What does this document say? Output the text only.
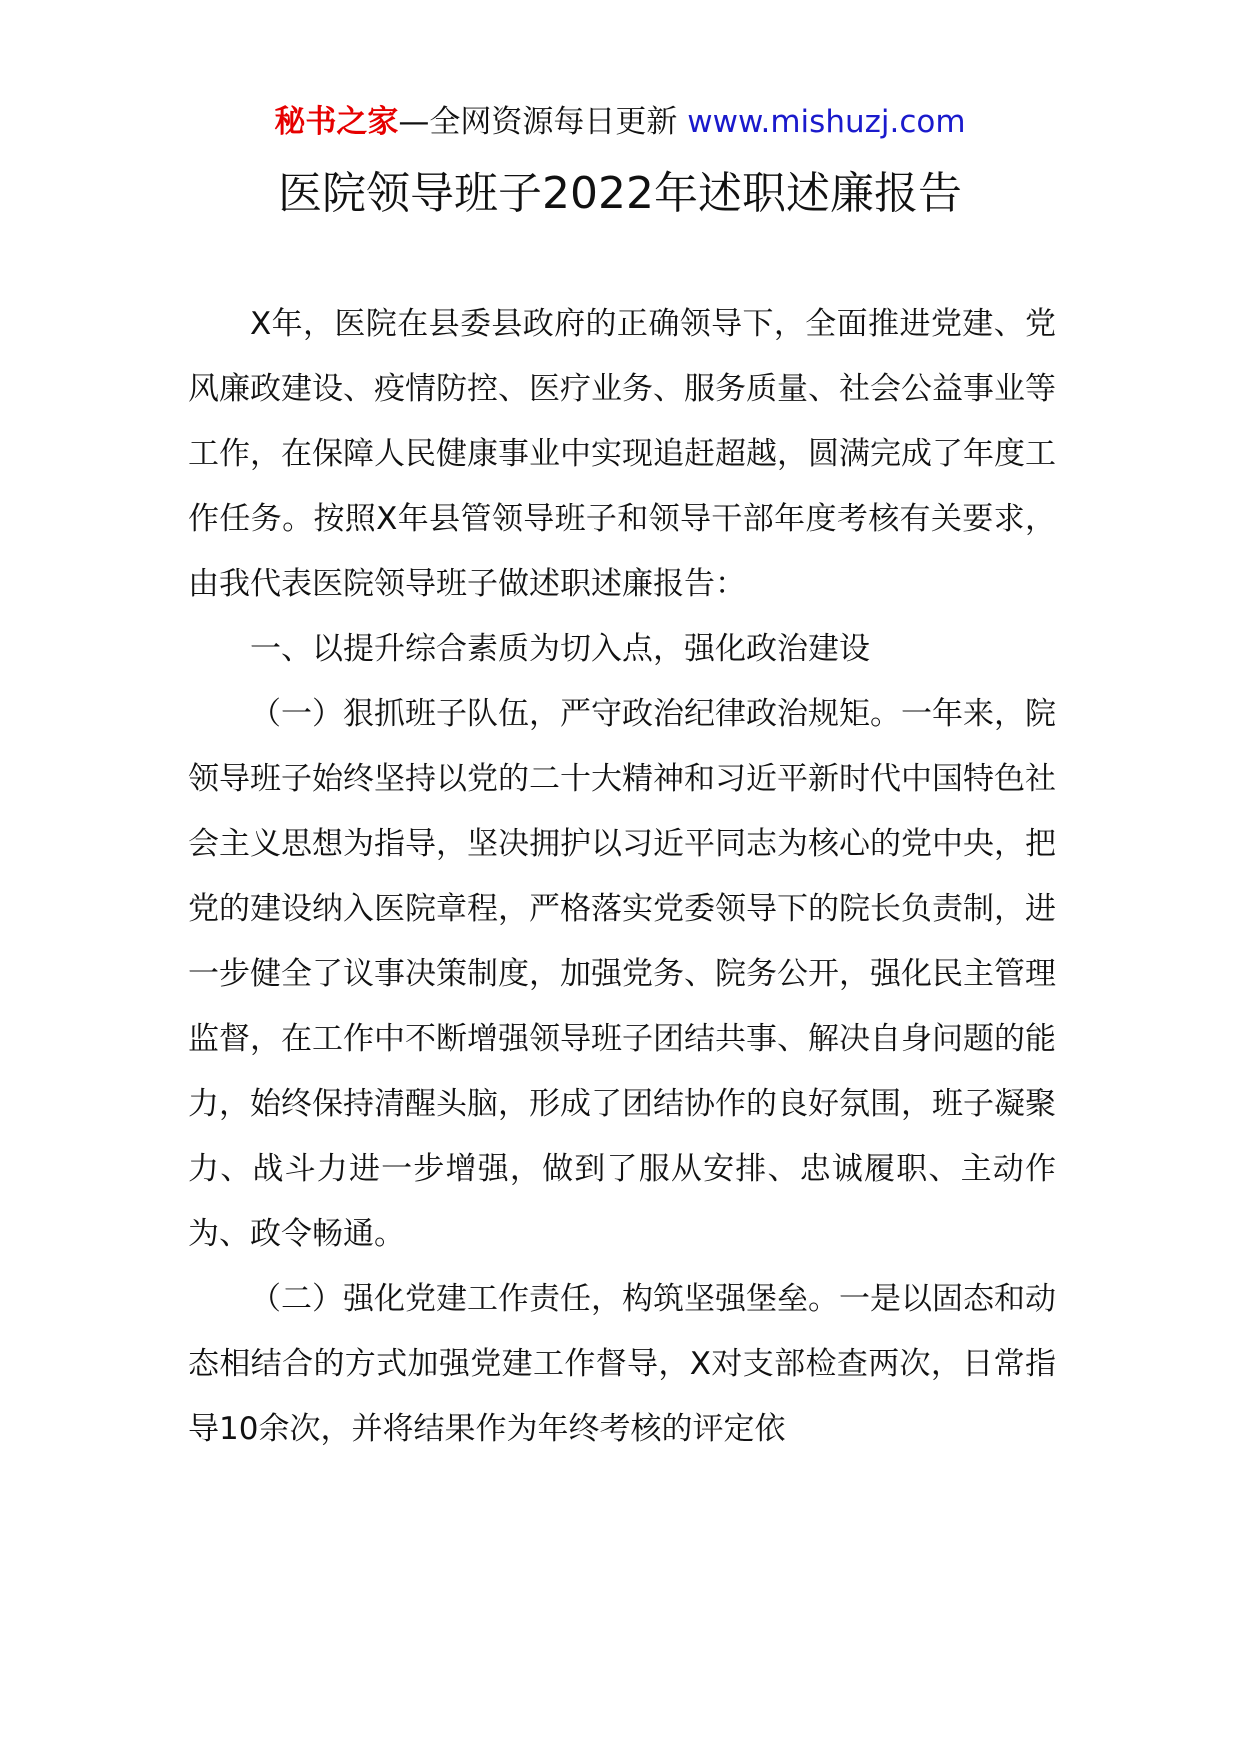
秘书之家—全网资源每日更新 www.mishuzj.com
医院领导班子2022年述职述廉报告

X年，医院在县委县政府的正确领导下，全面推进党建、党风廉政建设、疫情防控、医疗业务、服务质量、社会公益事业等工作，在保障人民健康事业中实现追赶超越，圆满完成了年度工作任务。按照X年县管领导班子和领导干部年度考核有关要求，由我代表医院领导班子做述职述廉报告：

一、以提升综合素质为切入点，强化政治建设

（一）狠抓班子队伍，严守政治纪律政治规矩。一年来，院领导班子始终坚持以党的二十大精神和习近平新时代中国特色社会主义思想为指导，坚决拥护以习近平同志为核心的党中央，把党的建设纳入医院章程，严格落实党委领导下的院长负责制，进一步健全了议事决策制度，加强党务、院务公开，强化民主管理监督，在工作中不断增强领导班子团结共事、解决自身问题的能力，始终保持清醒头脑，形成了团结协作的良好氛围，班子凝聚力、战斗力进一步增强，做到了服从安排、忠诚履职、主动作为、政令畅通。

（二）强化党建工作责任，构筑坚强堡垒。一是以固态和动态相结合的方式加强党建工作督导，X对支部检查两次，日常指导10余次，并将结果作为年终考核的评定依
